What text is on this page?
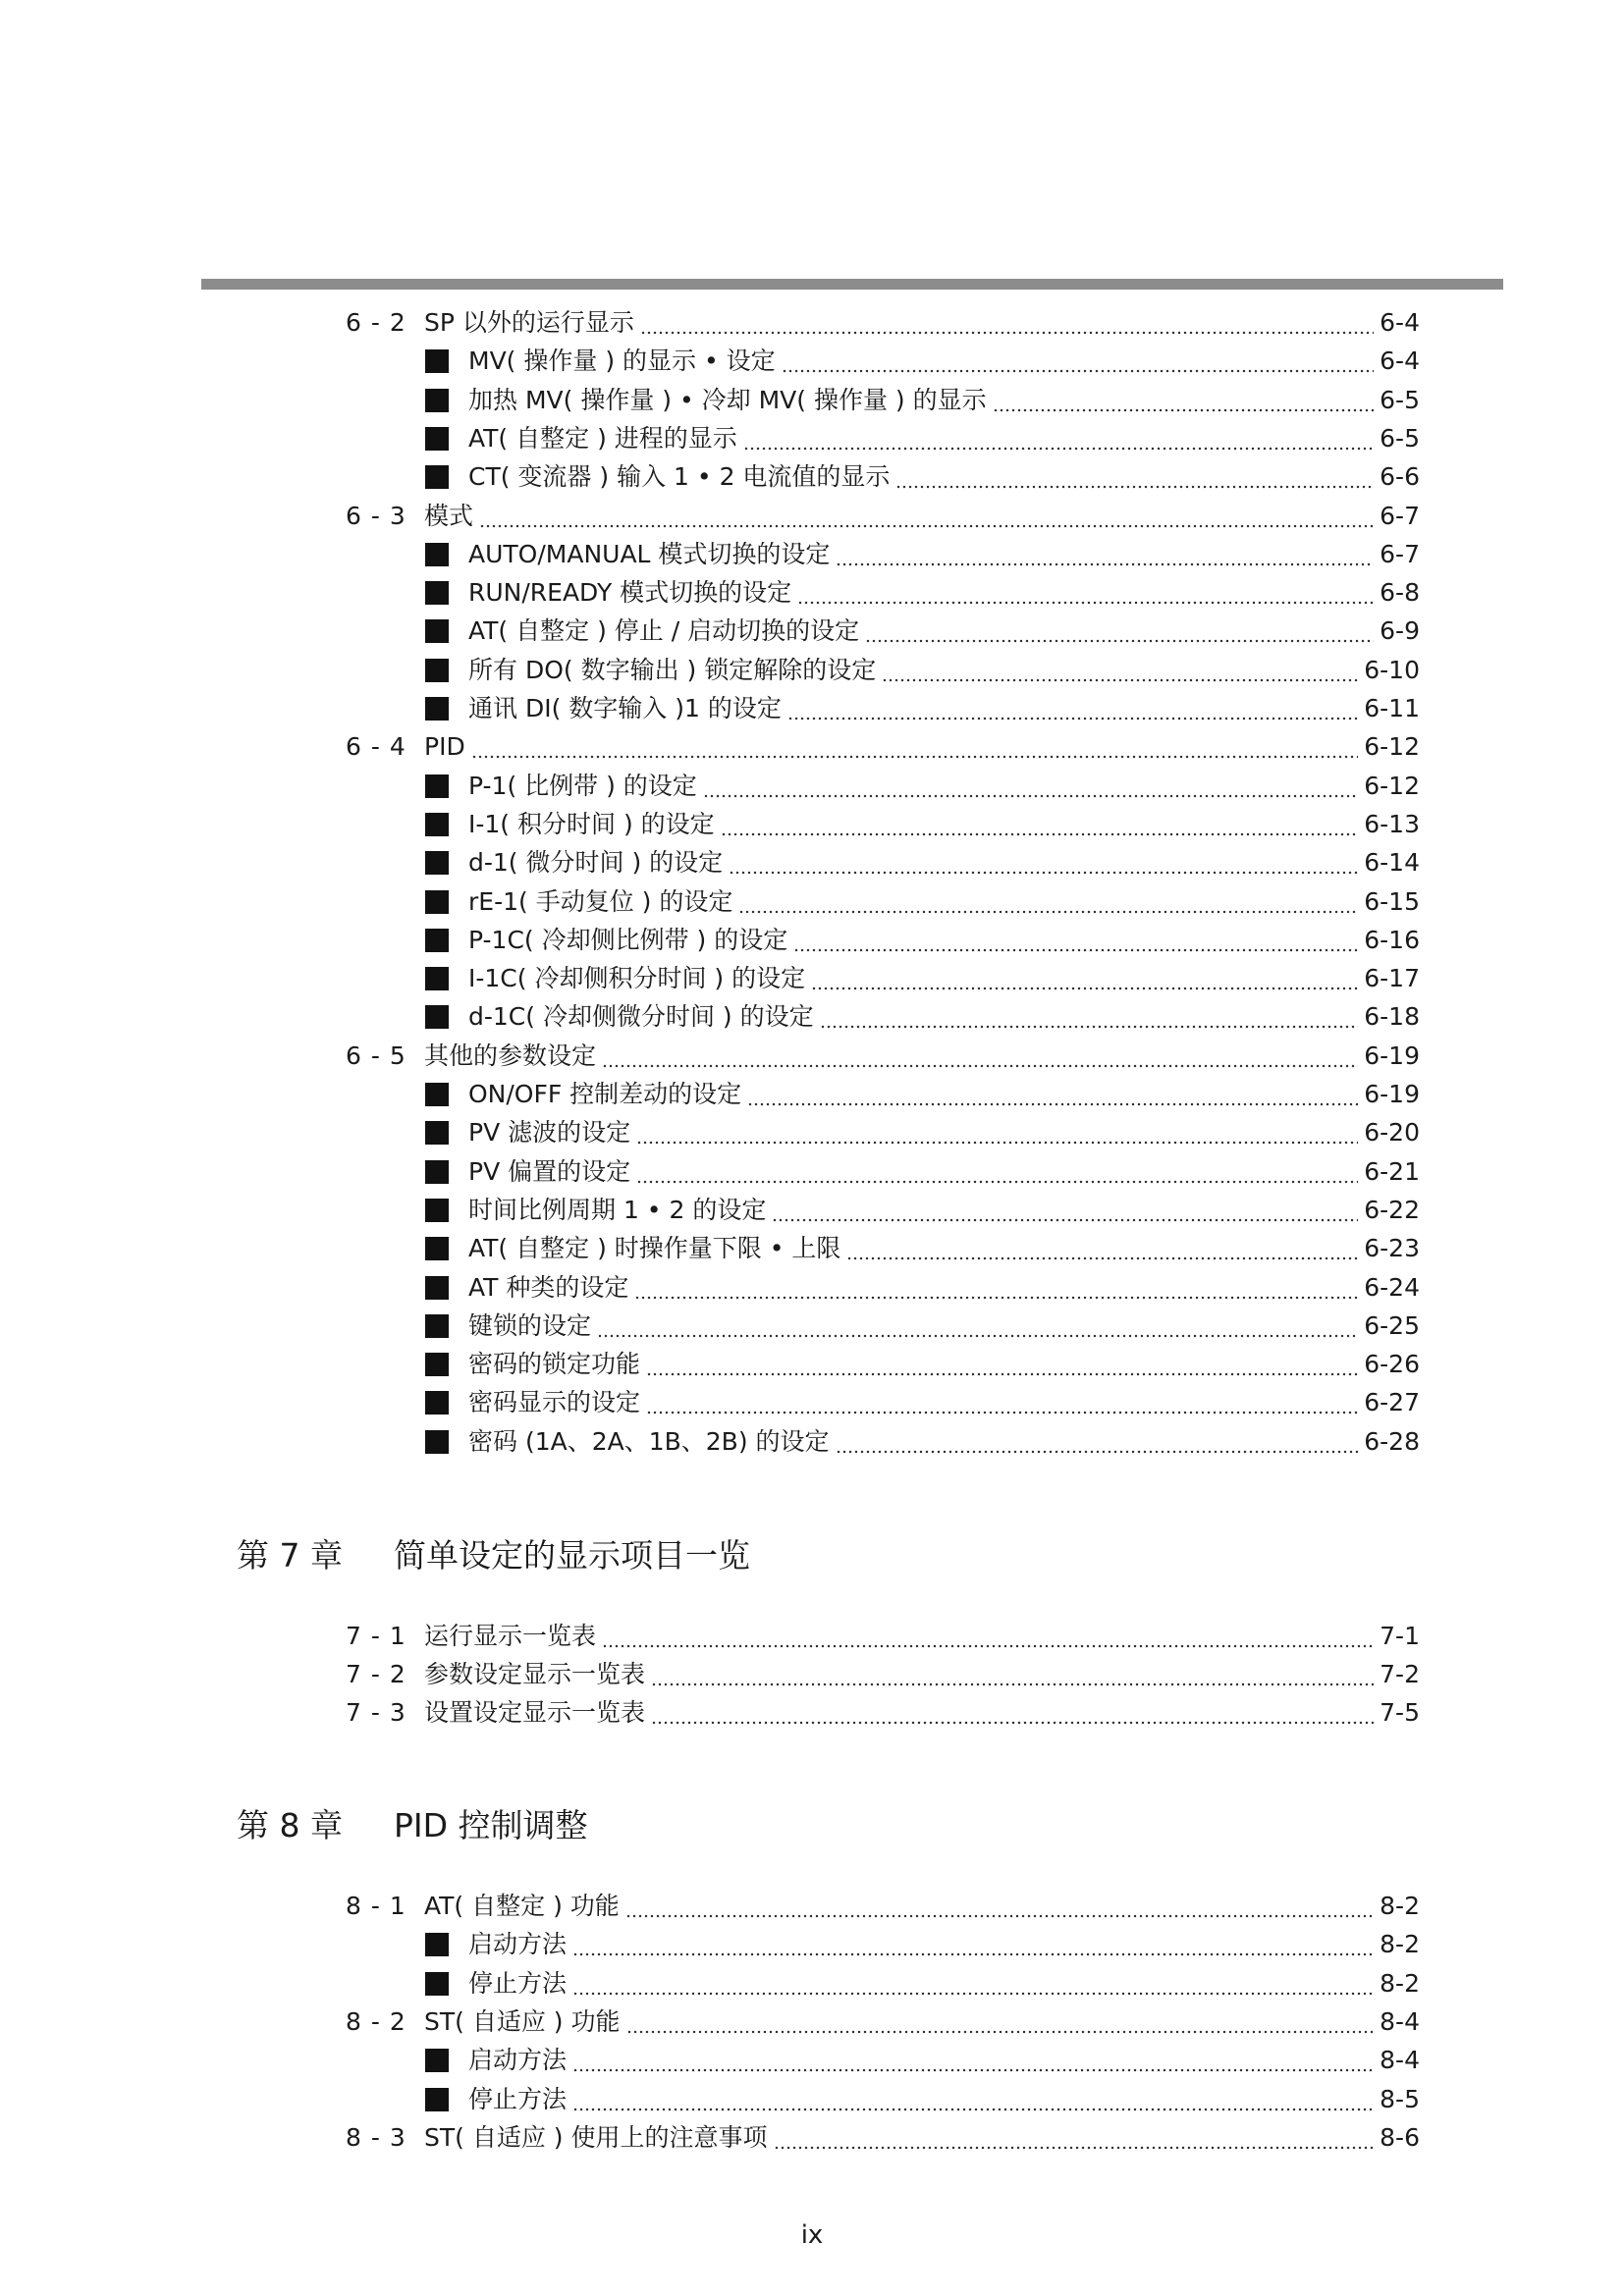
6 - 2 SP 以外的运行显示	6-4
MV( 操作量 ) 的显示 • 设定	6-4
加热 MV( 操作量 ) • 冷却 MV( 操作量 ) 的显示	6-5
AT( 自整定 ) 进程的显示	6-5
CT( 变流器 ) 输入 1 • 2 电流值的显示	6-6
6 - 3 模式	6-7
AUTO/MANUAL 模式切换的设定	6-7
RUN/READY 模式切换的设定	6-8
AT( 自整定 ) 停止 / 启动切换的设定	6-9
所有 DO( 数字输出 ) 锁定解除的设定	6-10
通讯 DI( 数字输入 )1 的设定	6-11
6 - 4 PID	6-12
P-1( 比例带 ) 的设定	6-12
I-1( 积分时间 ) 的设定	6-13
d-1( 微分时间 ) 的设定	6-14
rE-1( 手动复位 ) 的设定	6-15
P-1C( 冷却侧比例带 ) 的设定	6-16
I-1C( 冷却侧积分时间 ) 的设定	6-17
d-1C( 冷却侧微分时间 ) 的设定	6-18
6 - 5 其他的参数设定	6-19
ON/OFF 控制差动的设定	6-19
PV 滤波的设定	6-20
PV 偏置的设定	6-21
时间比例周期 1 • 2 的设定	6-22
AT( 自整定 ) 时操作量下限 • 上限	6-23
AT 种类的设定	6-24
键锁的设定	6-25
密码的锁定功能	6-26
密码显示的设定	6-27
密码 (1A、2A、1B、2B) 的设定	6-28
第 7 章 简单设定的显示项目一览
7 - 1 运行显示一览表	7-1
7 - 2 参数设定显示一览表	7-2
7 - 3 设置设定显示一览表	7-5
第 8 章 PID 控制调整
8 - 1 AT( 自整定 ) 功能	8-2
启动方法	8-2
停止方法	8-2
8 - 2 ST( 自适应 ) 功能	8-4
启动方法	8-4
停止方法	8-5
8 - 3 ST( 自适应 ) 使用上的注意事项	8-6
ix
